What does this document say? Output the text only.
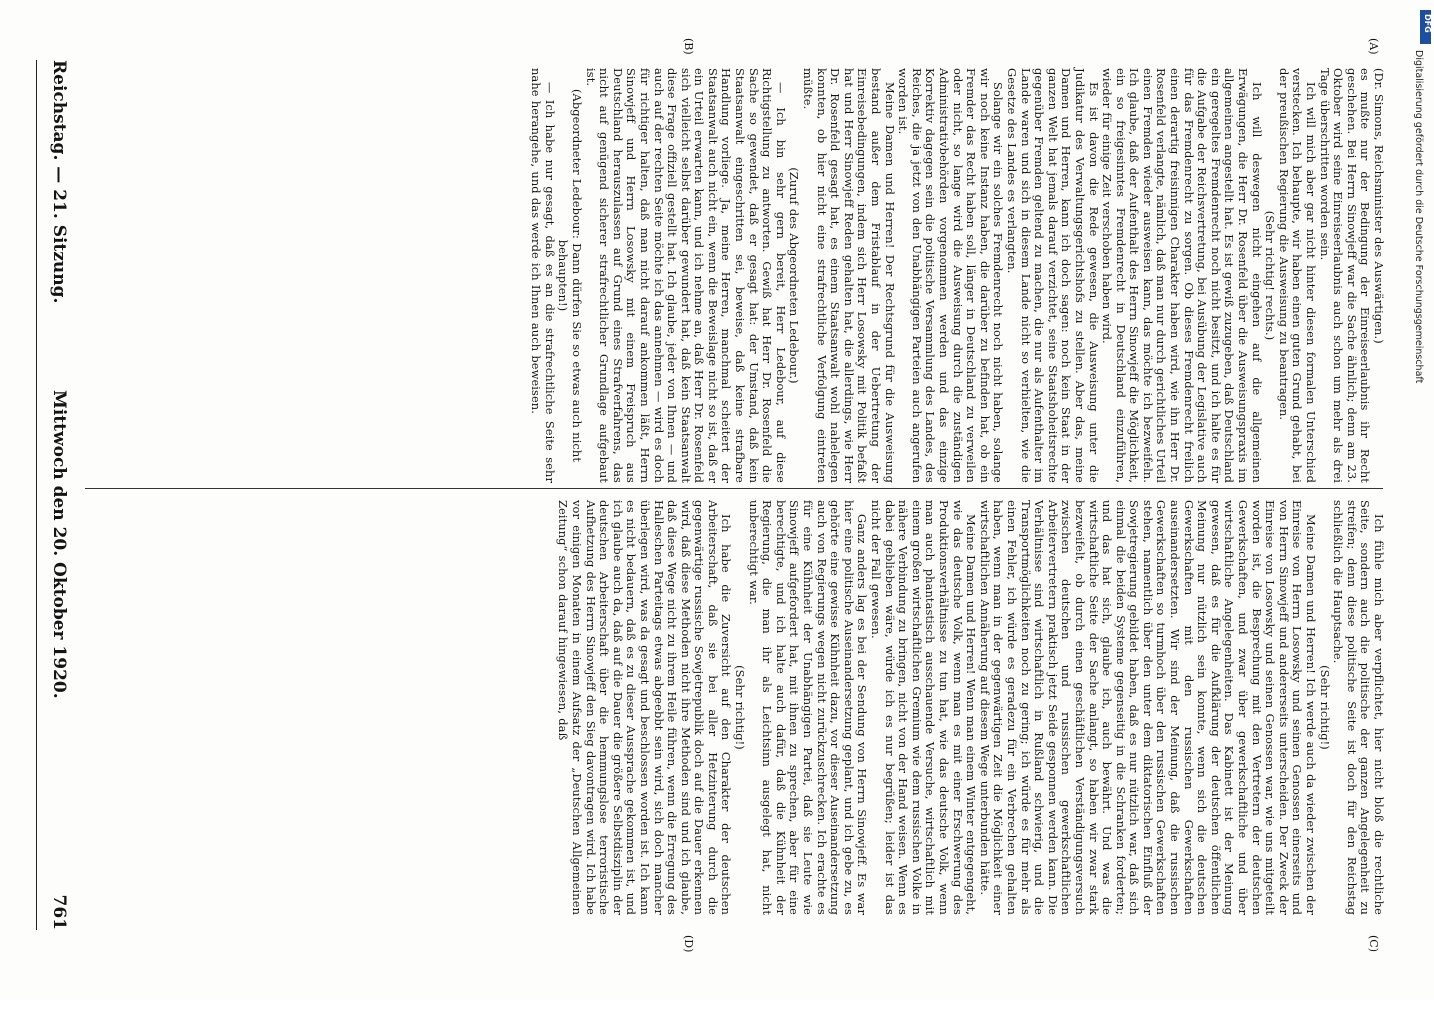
Reichstag. — 21. Sitzung.
Mittwoch den 20. Oktober 1920.
761

(Dr. Simons, Reichsminister des Auswärtigen.)

es mußte nur der Bedingung der Einreiseerlaubnis ihr Recht geschehen. Bei Herrn Sinowjeff war die Sache ähnlich; denn am 23. Oktober wird seine Einreiseerlaubnis auch schon um mehr als drei Tage überschritten worden sein.

Ich will mich aber gar nicht hinter diesen formalen Unterschied verstecken. Ich behaupte, wir haben einen guten Grund gehabt, bei der preußischen Regierung die Ausweisung zu beantragen.

(Sehr richtig! rechts.)

Ich will deswegen nicht eingehen auf die allgemeinen Erwägungen, die Herr Dr. Rosenfeld über die Ausweisungspraxis im allgemeinen angestellt hat. Es ist gewiß zuzugeben, daß Deutschland ein geregeltes Fremdenrecht noch nicht besitzt, und ich halte es für die Aufgabe der Reichsvertretung, bei Ausübung der Legislative auch für das Fremdenrecht zu sorgen. Ob dieses Fremdenrecht freilich einen derartig freisinnigen Charakter haben wird, wie ihn Herr Dr. Rosenfeld verlangte, nämlich, daß man nur durch gerichtliches Urteil einen Fremden wieder ausweisen kann, das möchte ich bezweifeln. Ich glaube, daß der Aufenthalt des Herrn Sinowjeff die Möglichkeit, ein so freigesinntes Fremdenrecht in Deutschland einzuführen, wieder für einige Zeit verschoben haben wird.

Es ist davon die Rede gewesen, die Ausweisung unter die Judikatur des Verwaltungsgerichtshofs zu stellen. Aber das, meine Damen und Herren, kann ich doch sagen: noch kein Staat in der ganzen Welt hat jemals darauf verzichtet, seine Staatshoheitsrechte gegenüber Fremden geltend zu machen, die nur als Aufenthalter im Lande waren und sich in diesem Lande nicht so verhielten, wie die Gesetze des Landes es verlangten.

Solange wir ein solches Fremdenrecht noch nicht haben, solange wir noch keine Instanz haben, die darüber zu befinden hat, ob ein Fremder das Recht haben soll, länger in Deutschland zu verweilen oder nicht, so lange wird die Ausweisung durch die zuständigen Administrativbehörden vorgenommen werden und das einzige Korrektiv dagegen sein die politische Versammlung des Landes, des Reiches, die ja jetzt von den Unabhängigen Parteien auch angerufen worden ist.

Meine Damen und Herren! Der Rechtsgrund für die Ausweisung bestand außer dem Fristablauf in der Uebertretung der Einreisebedingungen, indem sich Herr Losowsky mit Politik befaßt hat und Herr Sinowjeff Reden gehalten hat, die allerdings, wie Herr Dr. Rosenfeld gesagt hat, es einem Staatsanwalt wohl nahelegen konnten, ob hier nicht eine strafrechtliche Verfolgung eintreten müßte.

(Zuruf des Abgeordneten Ledebour.)

— Ich bin sehr gern bereit, Herr Ledebour, auf diese Richtigstellung zu antworten. Gewiß hat Herr Dr. Rosenfeld die Sache so gewendet, daß er gesagt hat: der Umstand, daß kein Staatsanwalt eingeschritten sei, beweise, daß keine strafbare Handlung vorliege. Ja, meine Herren, manchmal scheitert der Staatsanwalt auch nicht ein, wenn die Beweislage nicht so ist, daß er ein Urteil erwarten kann, und ich nehme an, daß Herr Dr. Rosenfeld sich vielleicht selbst darüber gewundert hat, daß kein Staatsanwalt diese Frage offiziell gestellt hat. Ich glaube, jeder von Ihnen — und auch auf der rechten Seite möchte ich das annehmen — wird es doch für richtiger halten, daß man nicht darauf ankommen läßt, Herrn Sinowjeff und Herrn Losowsky mit einem Freispruch aus Deutschland herauszulassen auf Grund eines Strafverfahrens, das nicht auf genügend sicherer strafrechtlicher Grundlage aufgebaut ist.

(Abgeordneter Ledebour: Dann dürfen Sie so etwas auch nicht behaupten!)

— Ich habe nur gesagt, daß es an die strafrechtliche Seite sehr nahe herangehe, und das werde ich Ihnen auch beweisen.

Ich fühle mich aber verpflichtet, hier nicht bloß die rechtliche Seite, sondern auch die politische der ganzen Angelegenheit zu streifen; denn diese politische Seite ist doch für den Reichstag schließlich die Hauptsache.

(Sehr richtig!)

Meine Damen und Herren! Ich werde auch da wieder zwischen der Einreise von Herrn Losowsky und seinen Genossen einerseits und von Herrn Sinowjeff und andererseits unterscheiden. Der Zweck der Einreise von Losowsky und seinen Genossen war, wie uns mitgeteilt worden ist, die Besprechung mit den Vertretern der deutschen Gewerkschaften, und zwar über gewerkschaftliche und über wirtschaftliche Angelegenheiten. Das Kabinett ist der Meinung gewesen, daß es für die Aufklärung der deutschen öffentlichen Meinung nur nützlich sein konnte, wenn sich die deutschen Gewerkschaften mit den russischen Gewerkschaften auseinandersetzten. Wir sind der Meinung, daß die russischen Gewerkschaften so turmhoch über den russischen Gewerkschaften stehen, namentlich über den unter dem diktatorischen Einfluß der Sowjetregierung gebildet haben, daß es nur nützlich war, daß sich einmal die beiden Systeme gegenseitig in die Schranken forderten; und das hat sich, glaube ich, auch bewährt. Und was die wirtschaftliche Seite der Sache anlangt, so haben wir zwar stark bezweifelt, ob durch einen geschäftlichen Verständigungsversuch zwischen deutschen und russischen gewerkschaftlichen Arbeitervertretern praktisch jetzt Seide gesponnen werden kann. Die Verhältnisse sind wirtschaftlich in Rußland schwierig, und die Transportmöglichkeiten noch zu gering; ich würde es für mehr als einen Fehler, ich würde es geradezu für ein Verbrechen gehalten haben, wenn man in der gegenwärtigen Zeit die Möglichkeit einer wirtschaftlichen Annäherung auf diesem Wege unterbunden hätte.

Meine Damen und Herren! Wenn man einem Winter entgegengeht, wie das deutsche Volk, wenn man es mit einer Erschwerung des Produktionsverhältnisse zu tun hat, wie das deutsche Volk, wenn man auch phantastisch ausschauende Versuche, wirtschaftlich mit einem großen wirtschaftlichen Gremium wie dem russischen Volke in nähere Verbindung zu bringen, nicht von der Hand weisen. Wenn es dabei geblieben wäre, würde ich es nur begrüßen; leider ist das nicht der Fall gewesen.

Ganz anders lag es bei der Sendung von Herrn Sinowjeff. Es war hier eine politische Auseinandersetzung geplant, und ich gebe zu, es gehörte eine gewisse Kühnheit dazu, vor dieser Auseinandersetzung auch von Regierungs wegen nicht zurückzuschrecken. Ich erachte es für eine Kühnheit der Unabhängigen Partei, daß sie Leute wie Sinowjeff aufgefordert hat, mit ihnen zu sprechen, aber für eine berechtigte, und ich halte auch dafür, daß die Kühnheit der Regierung, die man ihr als Leichtsinn ausgelegt hat, nicht unberechtigt war.

(Sehr richtig!)

Ich habe die Zuversicht auf den Charakter der deutschen Arbeiterschaft, daß sie bei aller Hetzinterung durch die gegenwärtige russische Sowjetrepublik doch auf die Dauer erkennen wird, daß diese Methoden nicht ihre Methoden sind und ich glaube, daß diese Wege nicht zu ihrem Heile führen, wenn die Erregung des Halleschen Parteitags etwas abgeebbt sein wird, sich doch mancher überlegen wird, was da gesagt und beschlossen worden ist. Ich kann es nicht bedauern, daß es zu dieser Aussprache gekommen ist, und ich glaube auch da, daß auf die Dauer die größere Selbstdisziplin der deutschen Arbeiterschaft über die hemmungslose terroristische Aufhetzung des Herrn Sinowjeff den Sieg davontragen wird. Ich habe vor einigen Monaten in einem Aufsatz der „Deutschen Allgemeinen Zeitung“ schon darauf hingewiesen, daß

(A)
(B)
(C)
(D)
DFG
Digitalisierung gefördert durch die Deutsche Forschungsgemeinschaft
